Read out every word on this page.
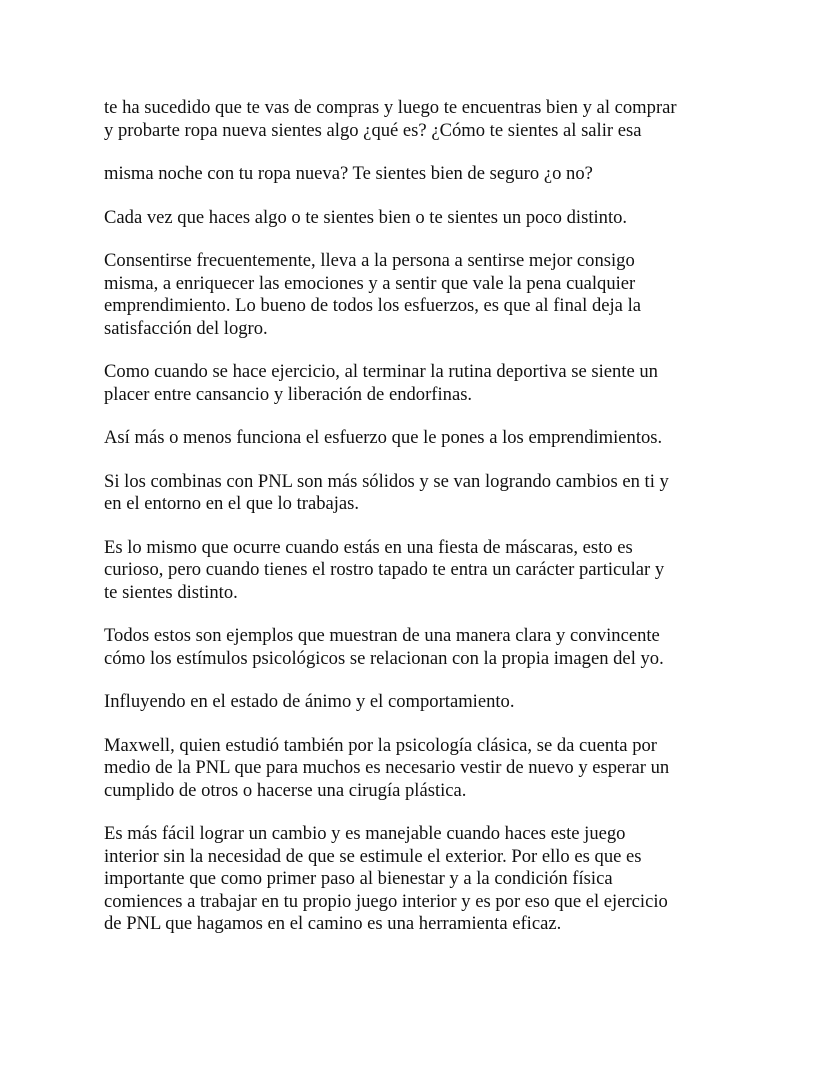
te ha sucedido que te vas de compras y luego te encuentras bien y al comprar
y probarte ropa nueva sientes algo ¿qué es? ¿Cómo te sientes al salir esa

misma noche con tu ropa nueva? Te sientes bien de seguro ¿o no?

Cada vez que haces algo o te sientes bien o te sientes un poco distinto.

Consentirse frecuentemente, lleva a la persona a sentirse mejor consigo
misma, a enriquecer las emociones y a sentir que vale la pena cualquier
emprendimiento. Lo bueno de todos los esfuerzos, es que al final deja la
satisfacción del logro.

Como cuando se hace ejercicio, al terminar la rutina deportiva se siente un
placer entre cansancio y liberación de endorfinas.

Así más o menos funciona el esfuerzo que le pones a los emprendimientos.

Si los combinas con PNL son más sólidos y se van logrando cambios en ti y
en el entorno en el que lo trabajas.

Es lo mismo que ocurre cuando estás en una fiesta de máscaras, esto es
curioso, pero cuando tienes el rostro tapado te entra un carácter particular y
te sientes distinto.

Todos estos son ejemplos que muestran de una manera clara y convincente
cómo los estímulos psicológicos se relacionan con la propia imagen del yo.

Influyendo en el estado de ánimo y el comportamiento.

Maxwell, quien estudió también por la psicología clásica, se da cuenta por
medio de la PNL que para muchos es necesario vestir de nuevo y esperar un
cumplido de otros o hacerse una cirugía plástica.

Es más fácil lograr un cambio y es manejable cuando haces este juego
interior sin la necesidad de que se estimule el exterior. Por ello es que es
importante que como primer paso al bienestar y a la condición física
comiences a trabajar en tu propio juego interior y es por eso que el ejercicio
de PNL que hagamos en el camino es una herramienta eficaz.
